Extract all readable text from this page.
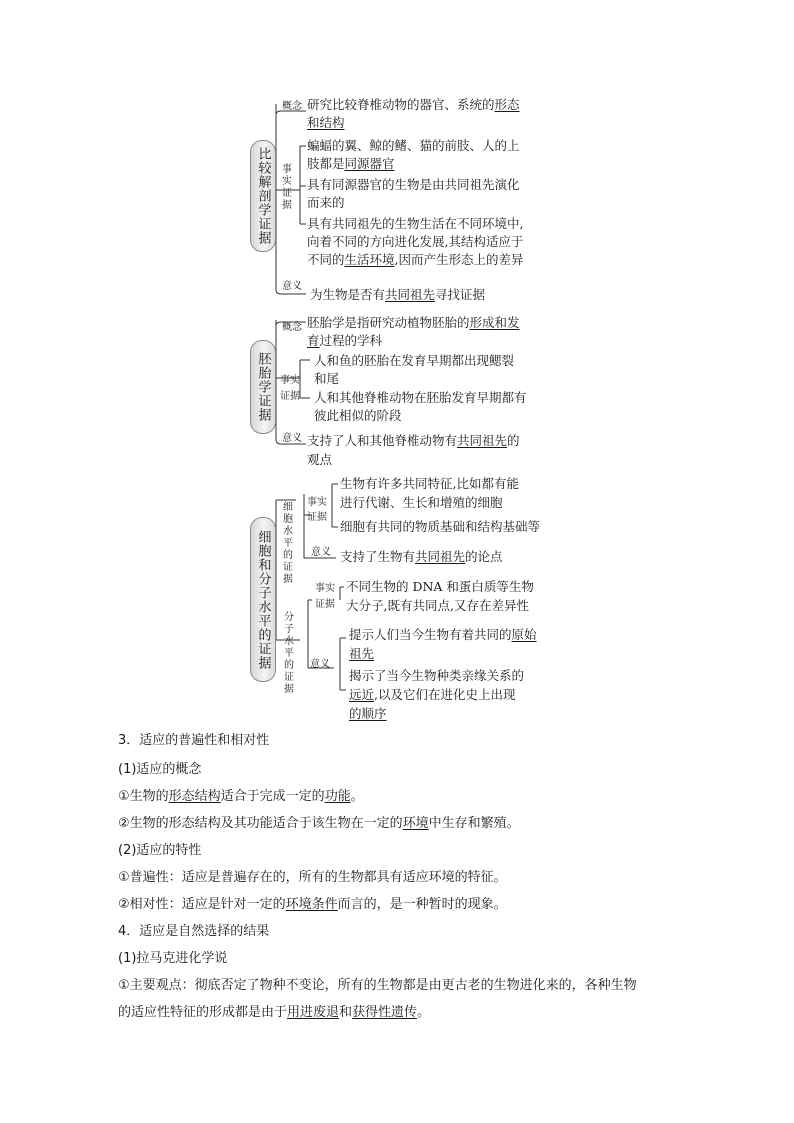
比较解剖学证据
概念 研究比较脊椎动物的器官、系统的形态
和结构
事实证据
蝙蝠的翼、鲸的鳍、猫的前肢、人的上
肢都是同源器官
具有同源器官的生物是由共同祖先演化
而来的
具有共同祖先的生物生活在不同环境中,
向着不同的方向进化发展,其结构适应于
不同的生活环境,因而产生形态上的差异
意义
为生物是否有共同祖先寻找证据
胚胎学证据
概念 胚胎学是指研究动植物胚胎的形成和发
育过程的学科
事实
证据
人和鱼的胚胎在发育早期都出现鳃裂
和尾
人和其他脊椎动物在胚胎发育早期都有
彼此相似的阶段
意义 支持了人和其他脊椎动物有共同祖先的
观点
细胞和分子水平的证据
细胞水平的证据
事实
证据
生物有许多共同特征,比如都有能
进行代谢、生长和增殖的细胞
细胞有共同的物质基础和结构基础等
意义 支持了生物有共同祖先的论点
分子水平的证据
事实
证据
不同生物的 DNA 和蛋白质等生物
大分子,既有共同点,又存在差异性
意义
提示人们当今生物有着共同的原始
祖先
揭示了当今生物种类亲缘关系的
远近,以及它们在进化史上出现
的顺序
3．适应的普遍性和相对性
(1)适应的概念
①生物的形态结构适合于完成一定的功能。
②生物的形态结构及其功能适合于该生物在一定的环境中生存和繁殖。
(2)适应的特性
①普遍性：适应是普遍存在的，所有的生物都具有适应环境的特征。
②相对性：适应是针对一定的环境条件而言的，是一种暂时的现象。
4．适应是自然选择的结果
(1)拉马克进化学说
①主要观点：彻底否定了物种不变论，所有的生物都是由更古老的生物进化来的，各种生物
的适应性特征的形成都是由于用进废退和获得性遗传。
